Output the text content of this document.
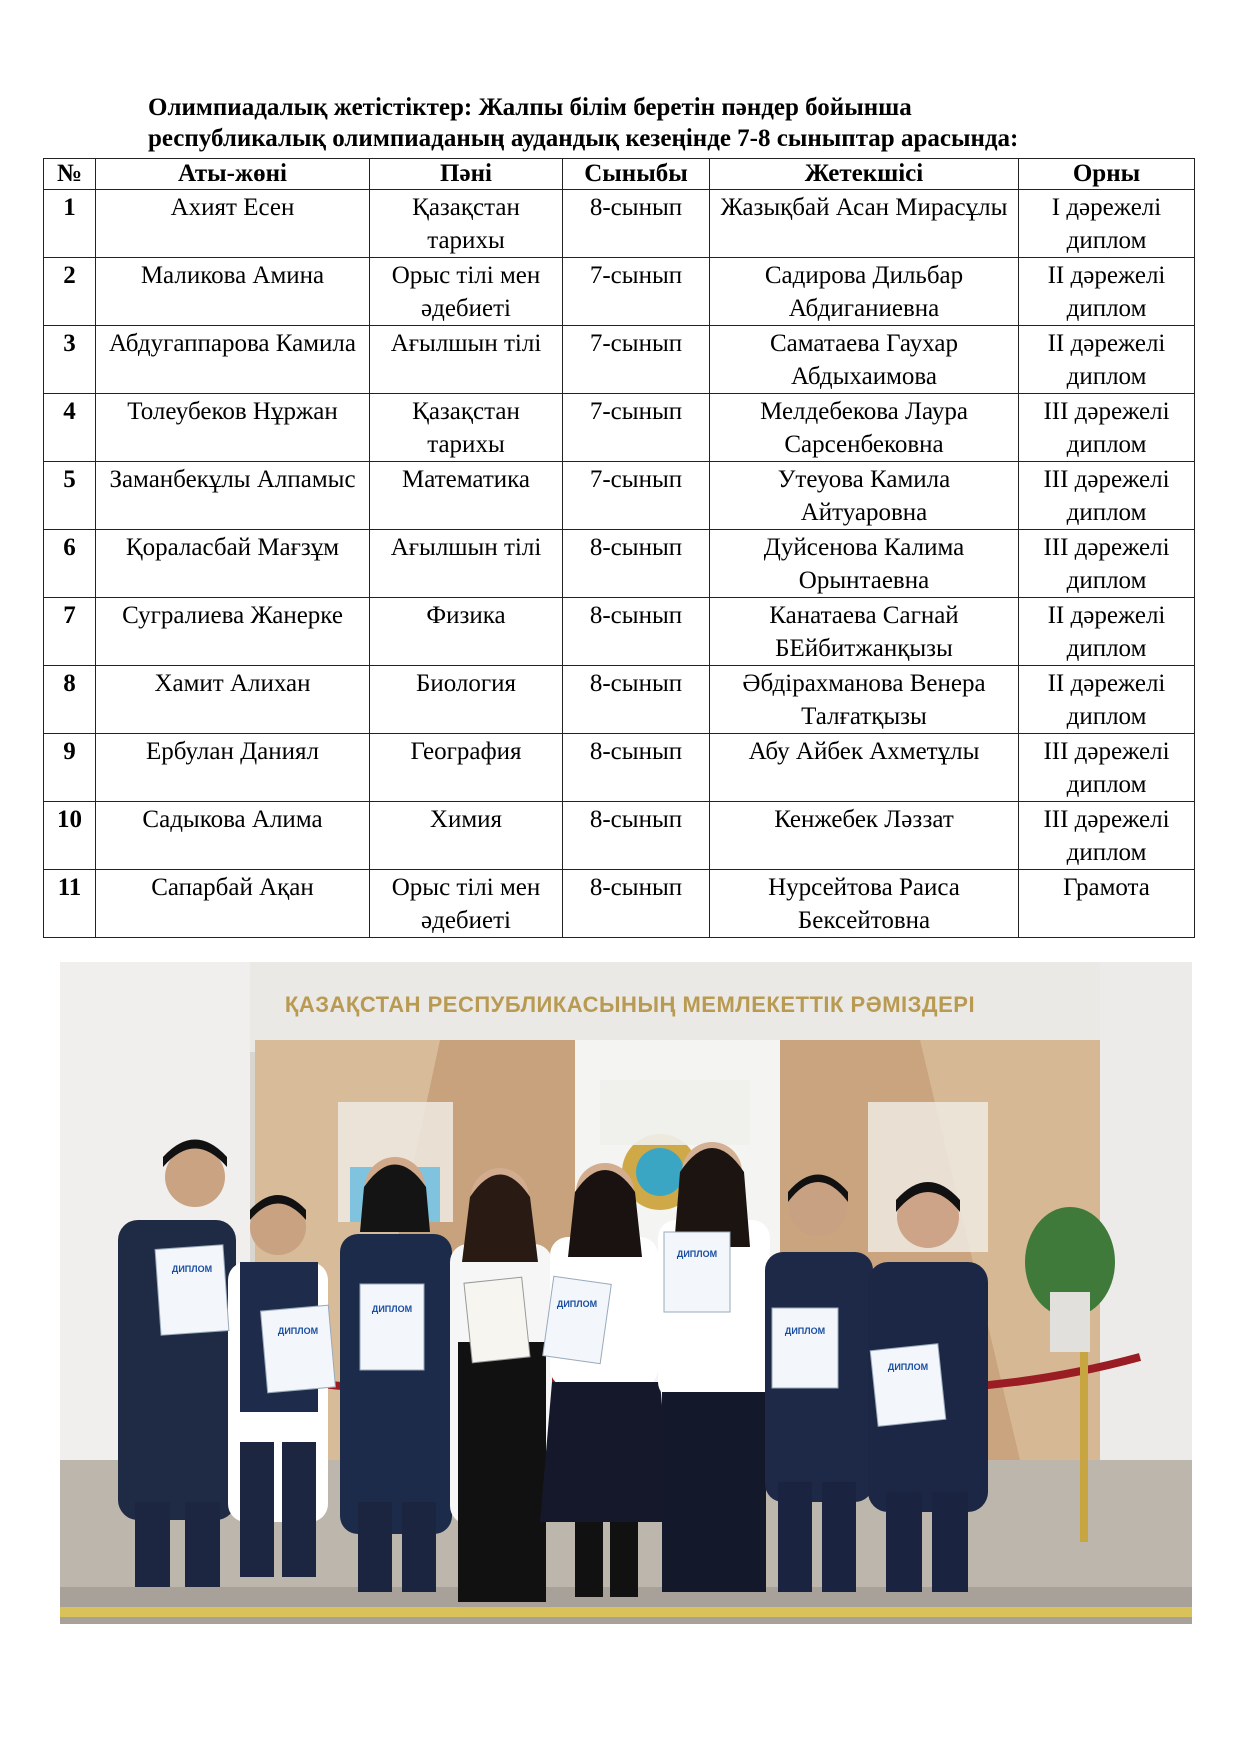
Олимпиадалық жетістіктер: Жалпы білім беретін пәндер бойынша
республикалық олимпиаданың аудандық кезеңінде 7-8 сыныптар арасында:
№	Аты-жөні	Пәні	Сыныбы	Жетекшісі	Орны
1	Ахият Есен	Қазақстан тарихы	8-сынып	Жазықбай Асан Мирасұлы	I дәрежелі диплом
2	Маликова Амина	Орыс тілі мен әдебиеті	7-сынып	Садирова Дильбар Абдиганиевна	II дәрежелі диплом
3	Абдугаппарова Камила	Ағылшын тілі	7-сынып	Саматаева Гаухар Абдыхаимова	II дәрежелі диплом
4	Толеубеков Нұржан	Қазақстан тарихы	7-сынып	Мелдебекова Лаура Сарсенбековна	III дәрежелі диплом
5	Заманбекұлы Алпамыс	Математика	7-сынып	Утеуова Камила Айтуаровна	III дәрежелі диплом
6	Қораласбай Мағзұм	Ағылшын тілі	8-сынып	Дуйсенова Калима Орынтаевна	III дәрежелі диплом
7	Сугралиева Жанерке	Физика	8-сынып	Канатаева Сагнай БЕйбитжанқызы	II дәрежелі диплом
8	Хамит Алихан	Биология	8-сынып	Әбдірахманова Венера Талғатқызы	II дәрежелі диплом
9	Ербулан Даниял	География	8-сынып	Абу Айбек Ахметұлы	III дәрежелі диплом
10	Садыкова Алима	Химия	8-сынып	Кенжебек Ләззат	III дәрежелі диплом
11	Сапарбай Ақан	Орыс тілі мен әдебиеті	8-сынып	Нурсейтова Раиса Бексейтовна	Грамота
ҚАЗАҚСТАН РЕСПУБЛИКАСЫНЫҢ МЕМЛЕКЕТТІК РӘМІЗДЕРІ
ДИПЛОМ
ДИПЛОМ
ДИПЛОМ	ДИПЛОМ
ДИПЛОМ
ДИПЛОМ
ДИПЛОМ
